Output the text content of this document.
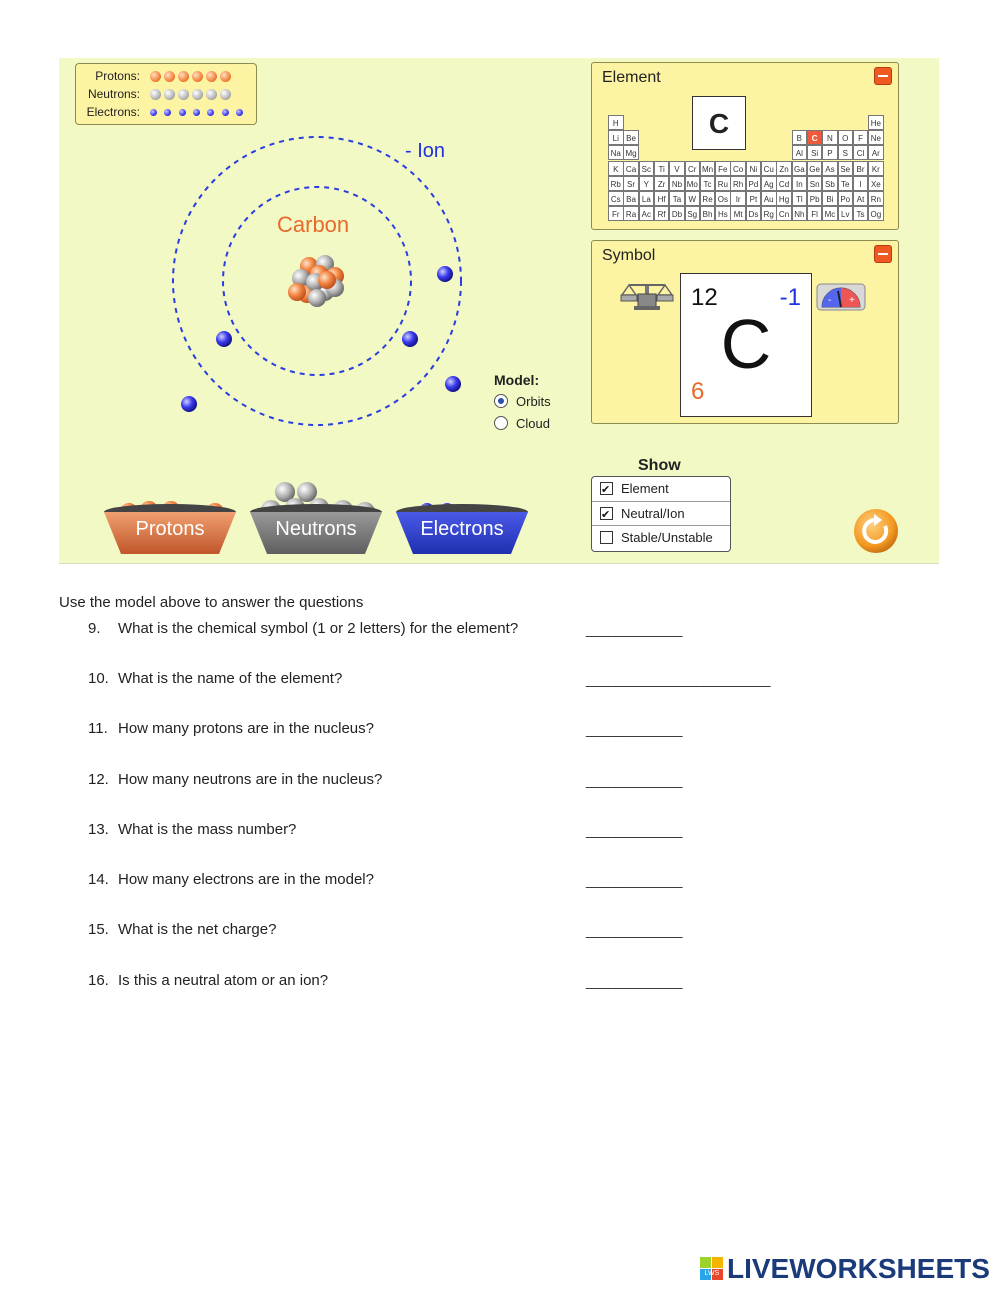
Protons:
Neutrons:
Electrons:
- Ion
Carbon
Model:
Orbits
Cloud
Protons	Neutrons	Electrons
Element
C
H	He
Li Be	B	C	N	O	F Ne
Na Mg	Al	Si	P	S	Cl Ar
K Ca Sc Ti	V	Cr Mn Fe Co Ni Cu Zn Ga Ge As Se Br Kr
Rb Sr	Y	Zr Nb Mo Tc Ru Rh Pd Ag Cd In Sn Sb Te	I	Xe
Cs Ba La Hf Ta W Re Os Ir	Pt Au Hg Tl Pb Bi Po At Rn
Fr Ra Ac Rf Db Sg Bh Hs Mt Ds Rg Cn Nh Fl Mc Lv Ts Og
Symbol
12	-1
C
6
- +
Show
✔Element
✔Neutral/Ion
Stable/Unstable
Use the model above to answer the questions
9. What is the chemical symbol (1 or 2 letters) for the element?	_____________
10. What is the name of the element?	_________________________
11. How many protons are in the nucleus?	_____________
12. How many neutrons are in the nucleus?	_____________
13. What is the mass number?	_____________
14. How many electrons are in the model?	_____________
15. What is the net charge?	_____________
16. Is this a neutral atom or an ion?	_____________
LWS LIVEWORKSHEETS
